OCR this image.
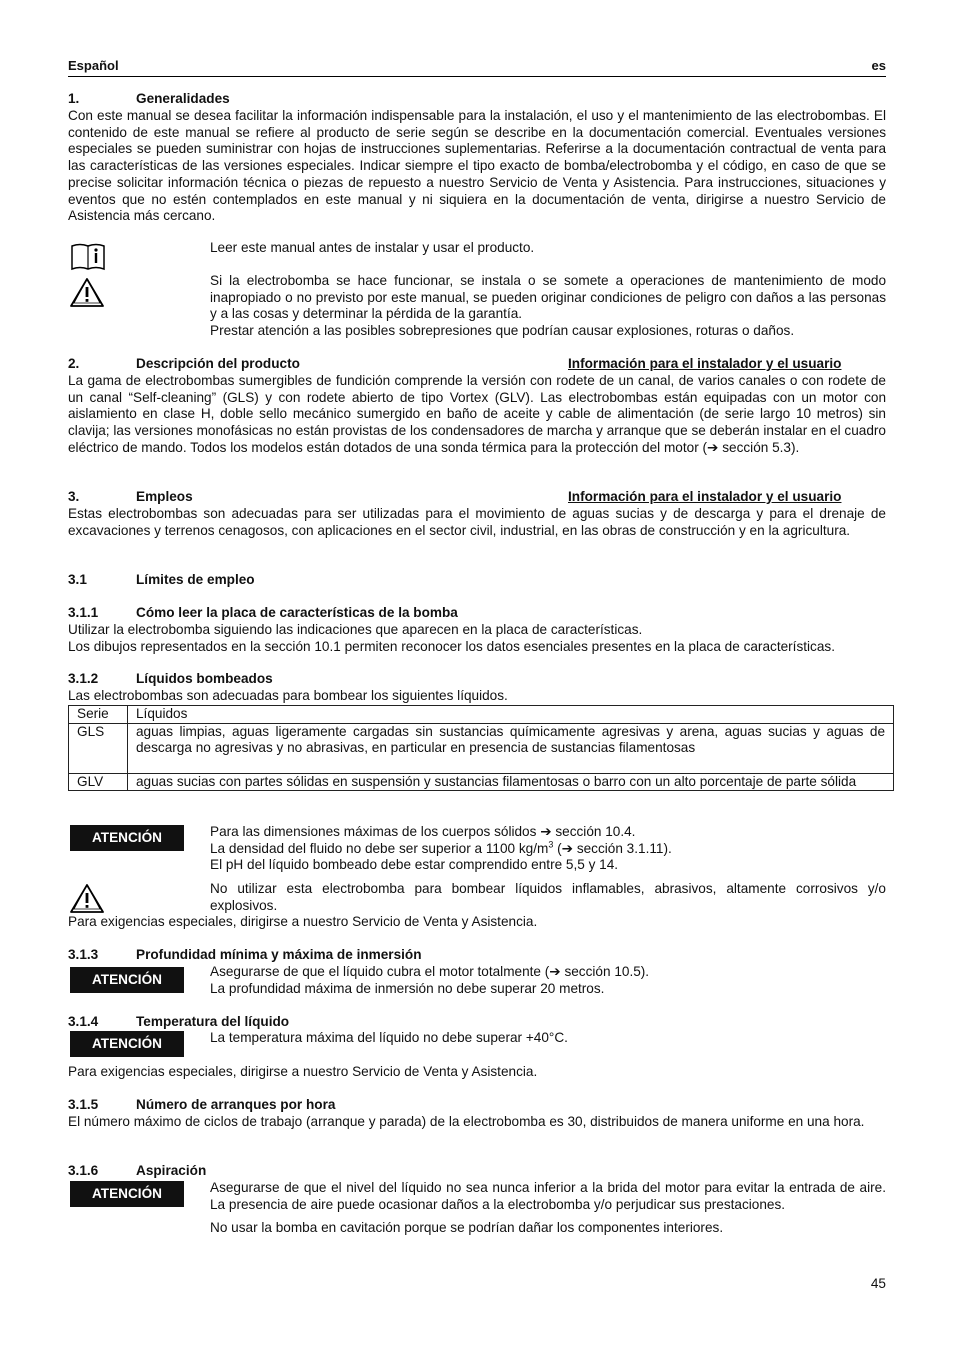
Español	es
1.	Generalidades
Con este manual se desea facilitar la información indispensable para la instalación, el uso y el mantenimiento de las electrobombas. El contenido de este manual se refiere al producto de serie según se describe en la documentación comercial. Eventuales versiones especiales se pueden suministrar con hojas de instrucciones suplementarias. Referirse a la documentación contractual de venta para las características de las versiones especiales. Indicar siempre el tipo exacto de bomba/electrobomba y el código, en caso de que se precise solicitar información técnica o piezas de repuesto a nuestro Servicio de Venta y Asistencia. Para instrucciones, situaciones y eventos que no estén contemplados en este manual y ni siquiera en la documentación de venta, dirigirse a nuestro Servicio de Asistencia más cercano.
Leer este manual antes de instalar y usar el producto.
Si la electrobomba se hace funcionar, se instala o se somete a operaciones de mantenimiento de modo inapropiado o no previsto por este manual, se pueden originar condiciones de peligro con daños a las personas y a las cosas y determinar la pérdida de la garantía.
Prestar atención a las posibles sobrepresiones que podrían causar explosiones, roturas o daños.
2.	Descripción del producto	Información para el instalador y el usuario
La gama de electrobombas sumergibles de fundición comprende la versión con rodete de un canal, de varios canales o con rodete de un canal “Self-cleaning” (GLS) y con rodete abierto de tipo Vortex (GLV). Las electrobombas están equipadas con un motor con aislamiento en clase H, doble sello mecánico sumergido en baño de aceite y cable de alimentación (de serie largo 10 metros) sin clavija; las versiones monofásicas no están provistas de los condensadores de marcha y arranque que se deberán instalar en el cuadro eléctrico de mando. Todos los modelos están dotados de una sonda térmica para la protección del motor (➔ sección 5.3).
3.	Empleos	Información para el instalador y el usuario
Estas electrobombas son adecuadas para ser utilizadas para el movimiento de aguas sucias y de descarga y para el drenaje de excavaciones y terrenos cenagosos, con aplicaciones en el sector civil, industrial, en las obras de construcción y en la agricultura.
3.1	Límites de empleo
3.1.1	Cómo leer la placa de características de la bomba
Utilizar la electrobomba siguiendo las indicaciones que aparecen en la placa de características.
Los dibujos representados en la sección 10.1 permiten reconocer los datos esenciales presentes en la placa de características.
3.1.2	Líquidos bombeados
Las electrobombas son adecuadas para bombear los siguientes líquidos.
Serie	Líquidos
GLS	aguas limpias, aguas ligeramente cargadas sin sustancias químicamente agresivas y arena, aguas sucias y aguas de descarga no agresivas y no abrasivas, en particular en presencia de sustancias filamentosas
GLV	aguas sucias con partes sólidas en suspensión y sustancias filamentosas o barro con un alto porcentaje de parte sólida
ATENCIÓN	Para las dimensiones máximas de los cuerpos sólidos ➔ sección 10.4.
La densidad del fluido no debe ser superior a 1100 $kg/m^3$ (➔ sección 3.1.11).
El pH del líquido bombeado debe estar comprendido entre 5,5 y 14.
No utilizar esta electrobomba para bombear líquidos inflamables, abrasivos, altamente corrosivos y/o explosivos.
Para exigencias especiales, dirigirse a nuestro Servicio de Venta y Asistencia.
3.1.3	Profundidad mínima y máxima de inmersión
ATENCIÓN
Asegurarse de que el líquido cubra el motor totalmente (➔ sección 10.5).
La profundidad máxima de inmersión no debe superar 20 metros.
3.1.4	Temperatura del líquido
ATENCIÓN	La temperatura máxima del líquido no debe superar +40°C.
Para exigencias especiales, dirigirse a nuestro Servicio de Venta y Asistencia.
3.1.5	Número de arranques por hora
El número máximo de ciclos de trabajo (arranque y parada) de la electrobomba es 30, distribuidos de manera uniforme en una hora.
3.1.6	Aspiración
ATENCIÓN	Asegurarse de que el nivel del líquido no sea nunca inferior a la brida del motor para evitar la entrada de aire. La presencia de aire puede ocasionar daños a la electrobomba y/o perjudicar sus prestaciones.
No usar la bomba en cavitación porque se podrían dañar los componentes interiores.
45
